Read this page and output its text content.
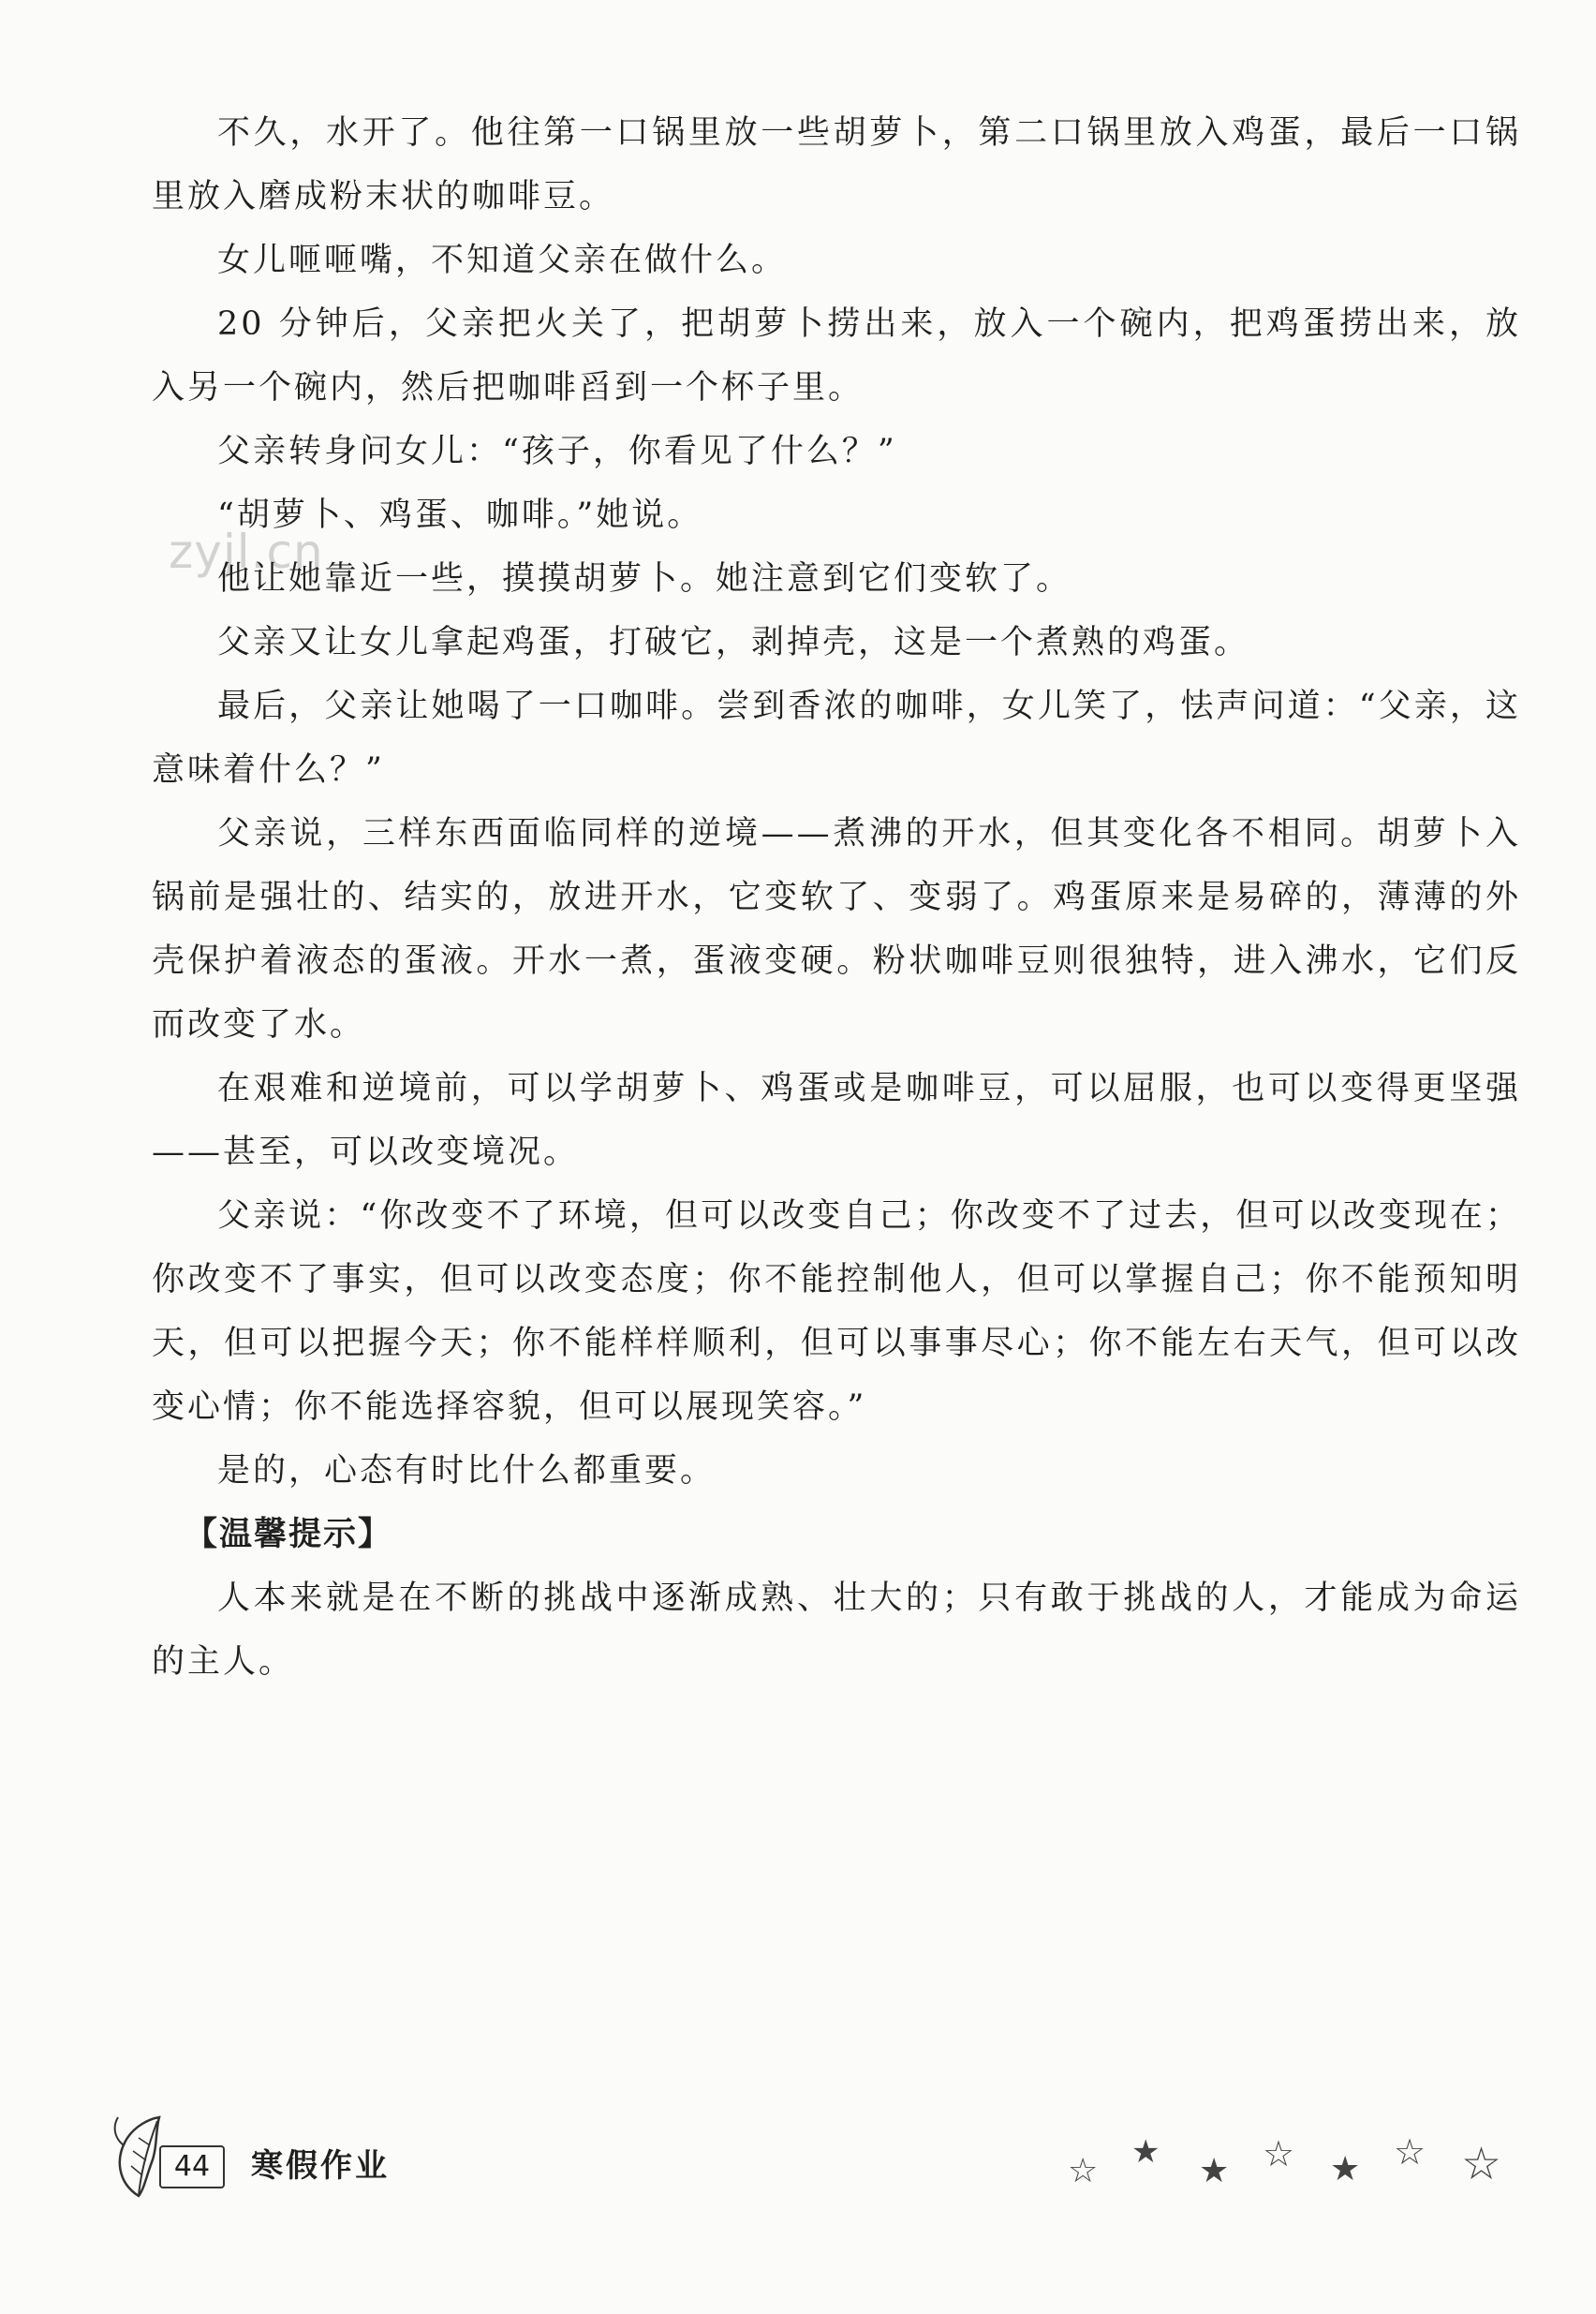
zyjl.cn

不久，水开了。他往第一口锅里放一些胡萝卜，第二口锅里放入鸡蛋，最后一口锅里放入磨成粉末状的咖啡豆。

女儿咂咂嘴，不知道父亲在做什么。

20 分钟后，父亲把火关了，把胡萝卜捞出来，放入一个碗内，把鸡蛋捞出来，放入另一个碗内，然后把咖啡舀到一个杯子里。

父亲转身问女儿：“孩子，你看见了什么？”

“胡萝卜、鸡蛋、咖啡。”她说。

他让她靠近一些，摸摸胡萝卜。她注意到它们变软了。

父亲又让女儿拿起鸡蛋，打破它，剥掉壳，这是一个煮熟的鸡蛋。

最后，父亲让她喝了一口咖啡。尝到香浓的咖啡，女儿笑了，怯声问道：“父亲，这意味着什么？”

父亲说，三样东西面临同样的逆境——煮沸的开水，但其变化各不相同。胡萝卜入锅前是强壮的、结实的，放进开水，它变软了、变弱了。鸡蛋原来是易碎的，薄薄的外壳保护着液态的蛋液。开水一煮，蛋液变硬。粉状咖啡豆则很独特，进入沸水，它们反而改变了水。

在艰难和逆境前，可以学胡萝卜、鸡蛋或是咖啡豆，可以屈服，也可以变得更坚强——甚至，可以改变境况。

父亲说：“你改变不了环境，但可以改变自己；你改变不了过去，但可以改变现在；你改变不了事实，但可以改变态度；你不能控制他人，但可以掌握自己；你不能预知明天，但可以把握今天；你不能样样顺利，但可以事事尽心；你不能左右天气，但可以改变心情；你不能选择容貌，但可以展现笑容。”

是的，心态有时比什么都重要。

【温馨提示】

人本来就是在不断的挑战中逐渐成熟、壮大的；只有敢于挑战的人，才能成为命运的主人。

44	寒假作业	☆ ★ ★ ☆ ★ ☆ ☆
